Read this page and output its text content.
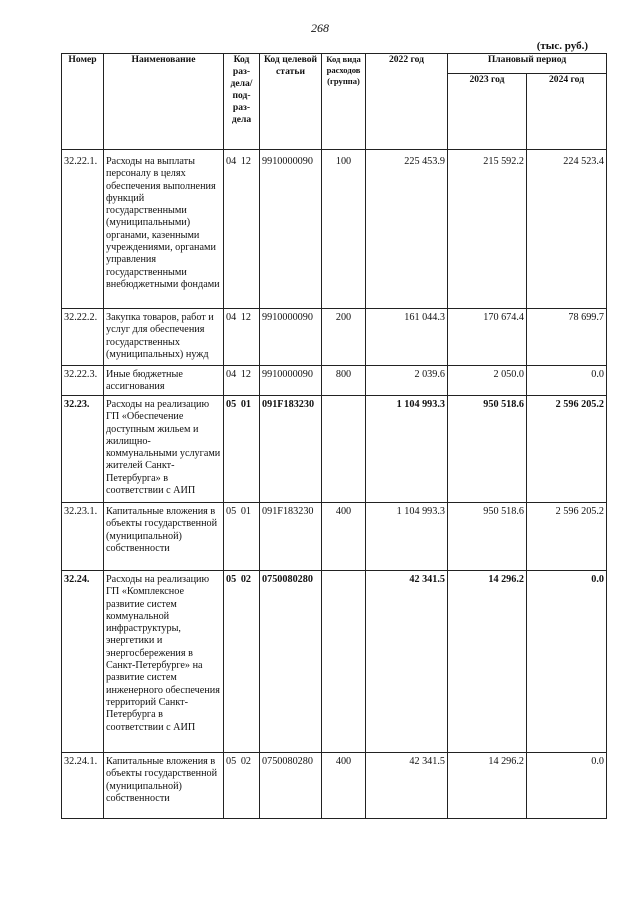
268
(тыс. руб.)
Номер	Наименование	Код раз-дела/ под-раз-дела	Код целевой статьи	Код вида расходов (группа)	2022 год	Плановый период	
						2023 год	2024 год
32.22.1.	Расходы на выплаты персоналу в целях обеспечения выполнения функций государственными (муниципальными) органами, казенными учреждениями, органами управления государственными внебюджетными фондами	04 12	9910000090	100	225 453.9	215 592.2	224 523.4
32.22.2.	Закупка товаров, работ и услуг для обеспечения государственных (муниципальных) нужд	04 12	9910000090	200	161 044.3	170 674.4	78 699.7
32.22.3.	Иные бюджетные ассигнования	04 12	9910000090	800	2 039.6	2 050.0	0.0
32.23.	Расходы на реализацию ГП «Обеспечение доступным жильем и жилищно-коммунальными услугами жителей Санкт-Петербурга» в соответствии с АИП	05 01	091F183230		1 104 993.3	950 518.6	2 596 205.2
32.23.1.	Капитальные вложения в объекты государственной (муниципальной) собственности	05 01	091F183230	400	1 104 993.3	950 518.6	2 596 205.2
32.24.	Расходы на реализацию ГП «Комплексное развитие систем коммунальной инфраструктуры, энергетики и энергосбережения в Санкт-Петербурге» на развитие систем инженерного обеспечения территорий Санкт-Петербурга в соответствии с АИП	05 02	0750080280		42 341.5	14 296.2	0.0
32.24.1.	Капитальные вложения в объекты государственной (муниципальной) собственности	05 02	0750080280	400	42 341.5	14 296.2	0.0
